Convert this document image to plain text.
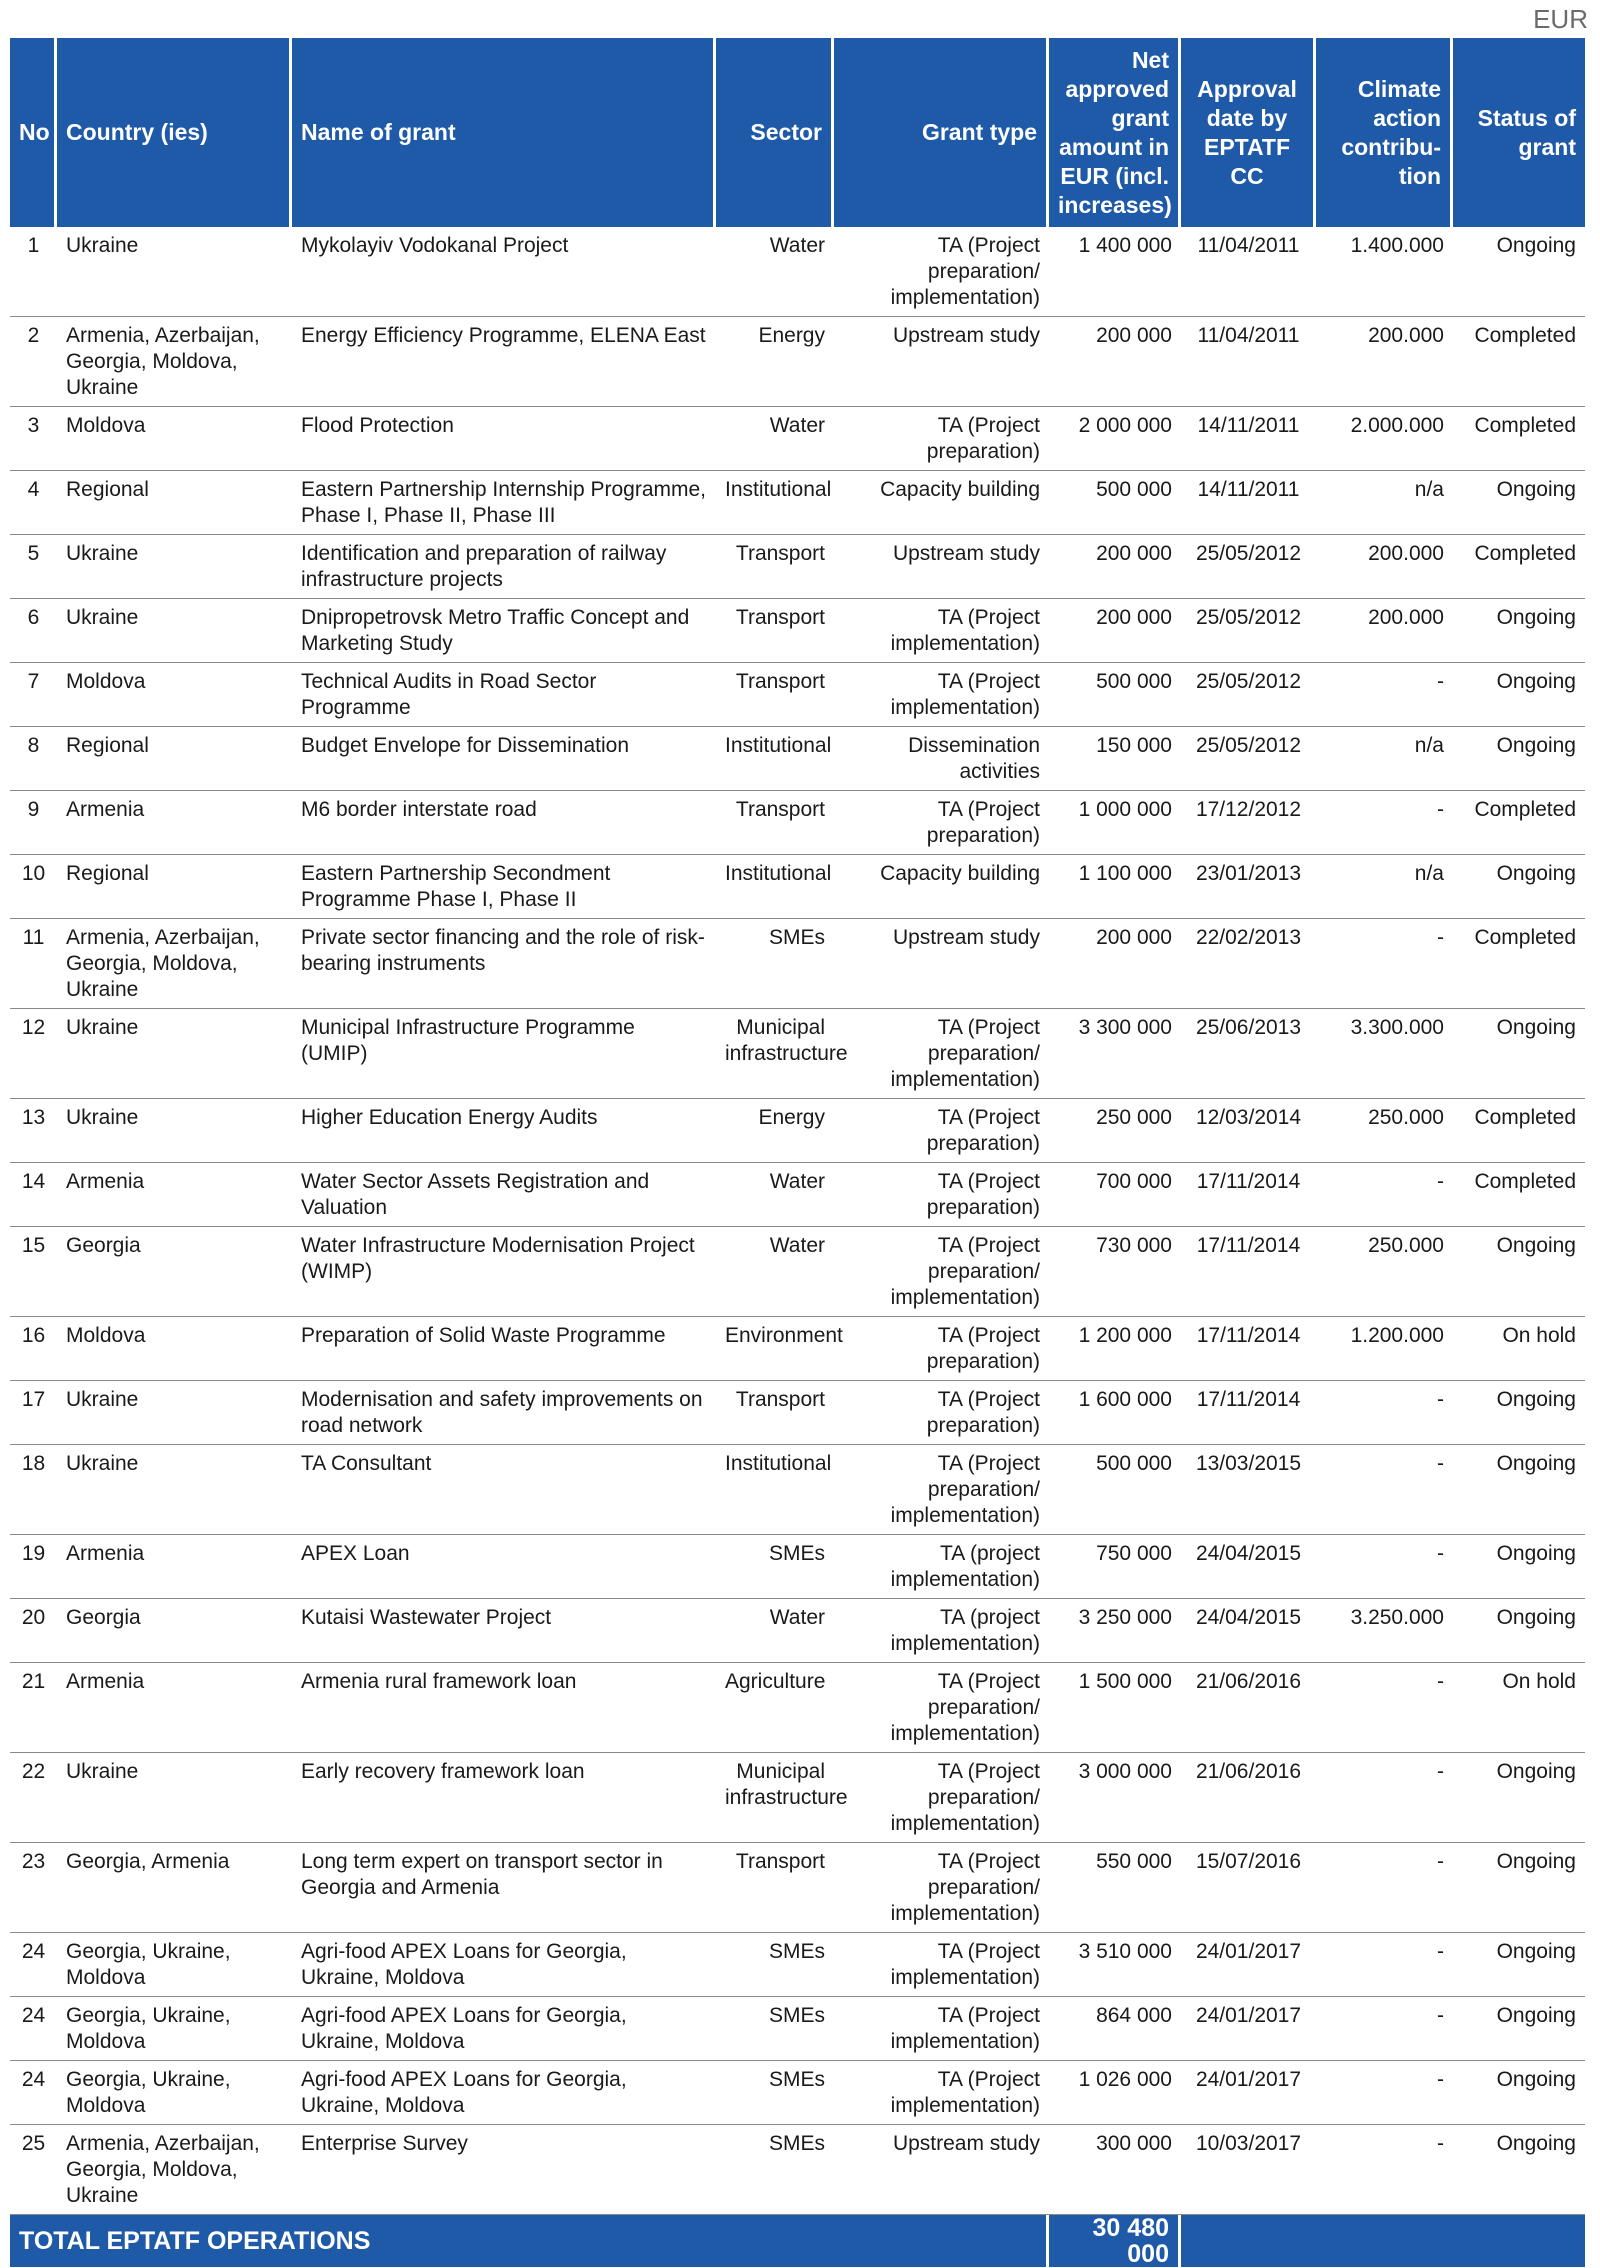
EUR
No	Country (ies)	Name of grant	Sector	Grant type	Net approved grant amount in EUR (incl. increases)	Approval date by EPTATF CC	Climate action contribu-tion	Status of grant
1	Ukraine	Mykolayiv Vodokanal Project	Water	TA (Project preparation/ implementation)	1 400 000	11/04/2011	1.400.000	Ongoing
2	Armenia, Azerbaijan, Georgia, Moldova, Ukraine	Energy Efficiency Programme, ELENA East	Energy	Upstream study	200 000	11/04/2011	200.000	Completed
3	Moldova	Flood Protection	Water	TA (Project preparation)	2 000 000	14/11/2011	2.000.000	Completed
4	Regional	Eastern Partnership Internship Programme, Phase I, Phase II, Phase III	Institutional	Capacity building	500 000	14/11/2011	n/a	Ongoing
5	Ukraine	Identification and preparation of railway infrastructure projects	Transport	Upstream study	200 000	25/05/2012	200.000	Completed
6	Ukraine	Dnipropetrovsk Metro Traffic Concept and Marketing Study	Transport	TA (Project implementation)	200 000	25/05/2012	200.000	Ongoing
7	Moldova	Technical Audits in Road Sector Programme	Transport	TA (Project implementation)	500 000	25/05/2012	-	Ongoing
8	Regional	Budget Envelope for Dissemination	Institutional	Dissemination activities	150 000	25/05/2012	n/a	Ongoing
9	Armenia	M6 border interstate road	Transport	TA (Project preparation)	1 000 000	17/12/2012	-	Completed
10	Regional	Eastern Partnership Secondment Programme Phase I, Phase II	Institutional	Capacity building	1 100 000	23/01/2013	n/a	Ongoing
11	Armenia, Azerbaijan, Georgia, Moldova, Ukraine	Private sector financing and the role of risk-bearing instruments	SMEs	Upstream study	200 000	22/02/2013	-	Completed
12	Ukraine	Municipal Infrastructure Programme (UMIP)	Municipal infrastructure	TA (Project preparation/ implementation)	3 300 000	25/06/2013	3.300.000	Ongoing
13	Ukraine	Higher Education Energy Audits	Energy	TA (Project preparation)	250 000	12/03/2014	250.000	Completed
14	Armenia	Water Sector Assets Registration and Valuation	Water	TA (Project preparation)	700 000	17/11/2014	-	Completed
15	Georgia	Water Infrastructure Modernisation Project (WIMP)	Water	TA (Project preparation/ implementation)	730 000	17/11/2014	250.000	Ongoing
16	Moldova	Preparation of Solid Waste Programme	Environment	TA (Project preparation)	1 200 000	17/11/2014	1.200.000	On hold
17	Ukraine	Modernisation and safety improvements on road network	Transport	TA (Project preparation)	1 600 000	17/11/2014	-	Ongoing
18	Ukraine	TA Consultant	Institutional	TA (Project preparation/ implementation)	500 000	13/03/2015	-	Ongoing
19	Armenia	APEX Loan	SMEs	TA (project implementation)	750 000	24/04/2015	-	Ongoing
20	Georgia	Kutaisi Wastewater Project	Water	TA (project implementation)	3 250 000	24/04/2015	3.250.000	Ongoing
21	Armenia	Armenia rural framework loan	Agriculture	TA (Project preparation/ implementation)	1 500 000	21/06/2016	-	On hold
22	Ukraine	Early recovery framework loan	Municipal infrastructure	TA (Project preparation/ implementation)	3 000 000	21/06/2016	-	Ongoing
23	Georgia, Armenia	Long term expert on transport sector in Georgia and Armenia	Transport	TA (Project preparation/ implementation)	550 000	15/07/2016	-	Ongoing
24	Georgia, Ukraine, Moldova	Agri-food APEX Loans for Georgia, Ukraine, Moldova	SMEs	TA (Project implementation)	3 510 000	24/01/2017	-	Ongoing
24	Georgia, Ukraine, Moldova	Agri-food APEX Loans for Georgia, Ukraine, Moldova	SMEs	TA (Project implementation)	864 000	24/01/2017	-	Ongoing
24	Georgia, Ukraine, Moldova	Agri-food APEX Loans for Georgia, Ukraine, Moldova	SMEs	TA (Project implementation)	1 026 000	24/01/2017	-	Ongoing
25	Armenia, Azerbaijan, Georgia, Moldova, Ukraine	Enterprise Survey	SMEs	Upstream study	300 000	10/03/2017	-	Ongoing
TOTAL EPTATF OPERATIONS					30 480 000			
